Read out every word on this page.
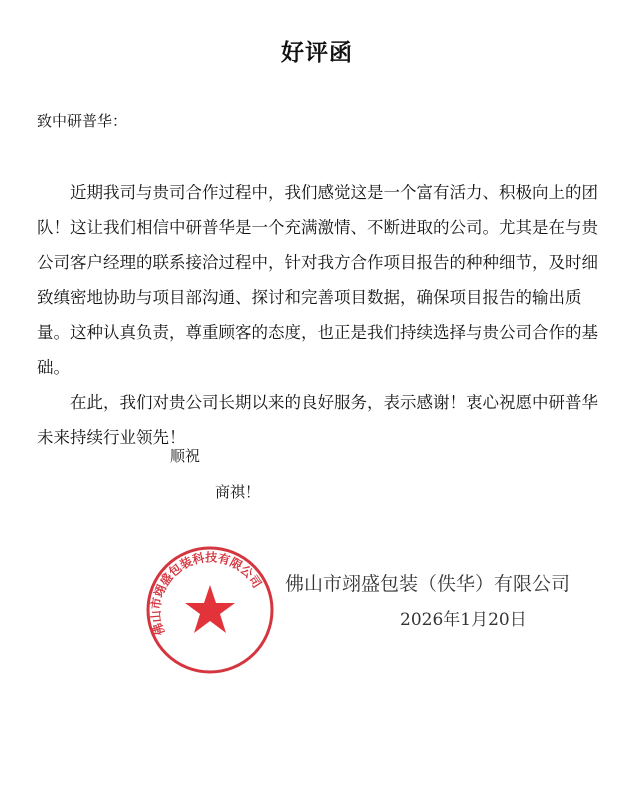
好评函
致中研普华：

近期我司与贵司合作过程中，我们感觉这是一个富有活力、积极向上的团队！这让我们相信中研普华是一个充满激情、不断进取的公司。尤其是在与贵公司客户经理的联系接洽过程中，针对我方合作项目报告的种种细节，及时细致缜密地协助与项目部沟通、探讨和完善项目数据，确保项目报告的输出质量。这种认真负责，尊重顾客的态度，也正是我们持续选择与贵公司合作的基础。

在此，我们对贵公司长期以来的良好服务，表示感谢！衷心祝愿中研普华未来持续行业领先！

顺祝
商祺！
佛山市翊盛包装科技有限公司 佛山市翊盛包装（佚华）有限公司
2026年1月20日
